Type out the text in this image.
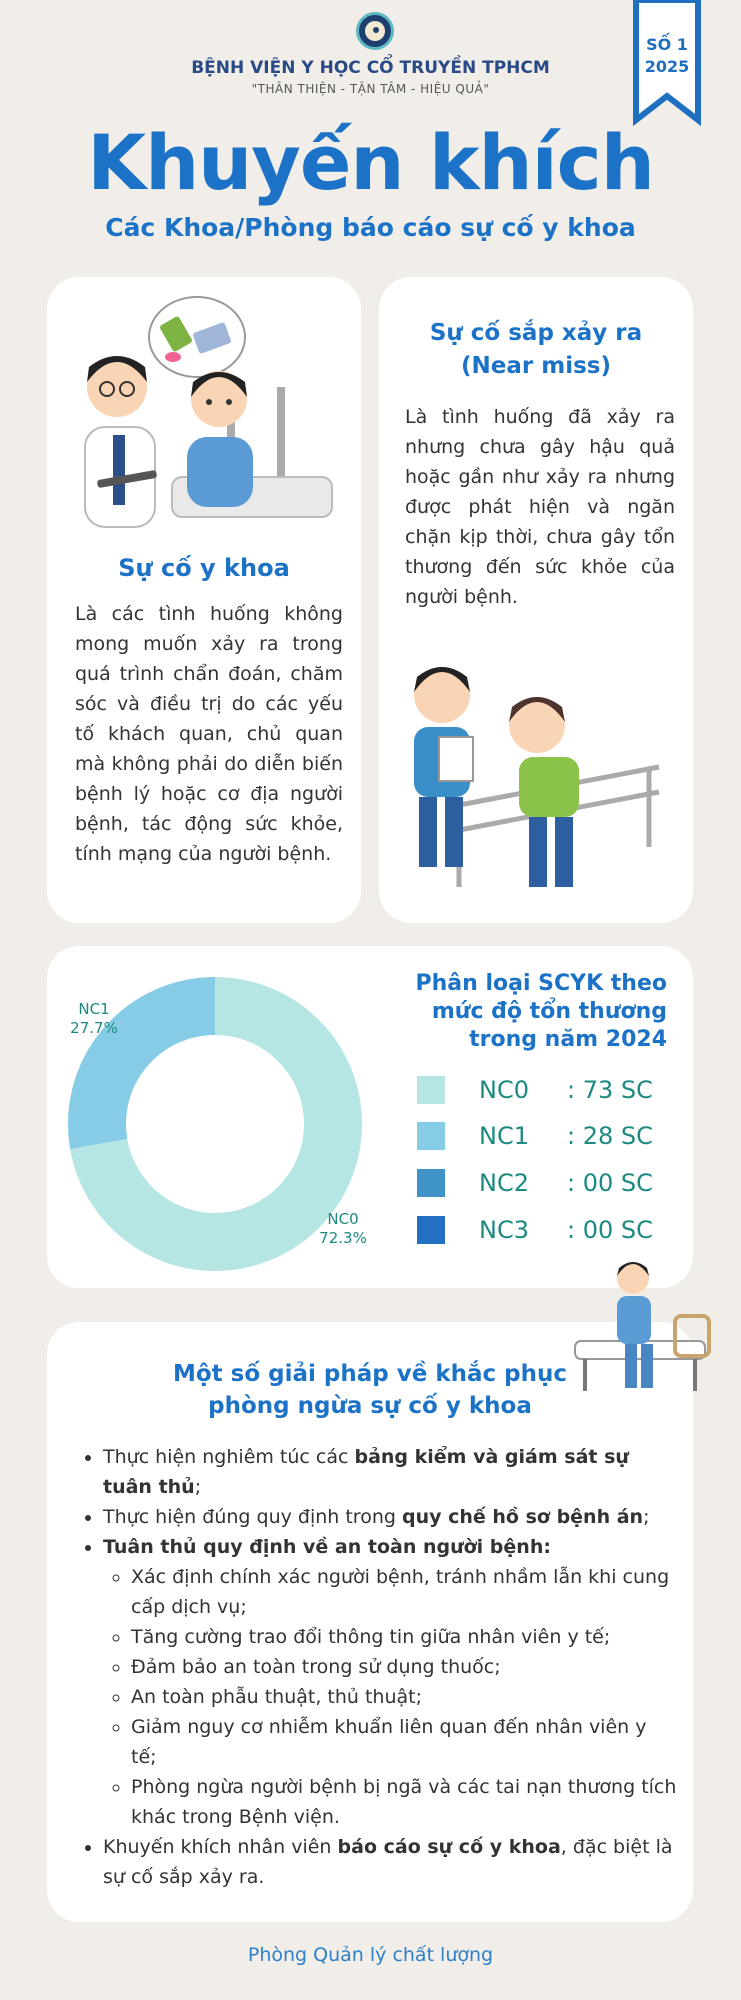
BỆNH VIỆN Y HỌC CỔ TRUYỀN TPHCM
"THÂN THIỆN - TẬN TÂM - HIỆU QUẢ"
SỐ 1
2025
Khuyến khích
Các Khoa/Phòng báo cáo sự cố y khoa
Sự cố y khoa
Là các tình huống không mong muốn xảy ra trong quá trình chẩn đoán, chăm sóc và điều trị do các yếu tố khách quan, chủ quan mà không phải do diễn biến bệnh lý hoặc cơ địa người bệnh, tác động sức khỏe, tính mạng của người bệnh.
Sự cố sắp xảy ra
(Near miss)
Là tình huống đã xảy ra nhưng chưa gây hậu quả hoặc gần như xảy ra nhưng được phát hiện và ngăn chặn kịp thời, chưa gây tổn thương đến sức khỏe của người bệnh.
NC0
72.3%
NC1
27.7%
Phân loại SCYK theo
mức độ tổn thương
trong năm 2024
NC0 : 73 SC
NC1 : 28 SC
NC2 : 00 SC
NC3 : 00 SC
Một số giải pháp về khắc phục
phòng ngừa sự cố y khoa
• Thực hiện nghiêm túc các bảng kiểm và giám sát sự tuân thủ;
• Thực hiện đúng quy định trong quy chế hồ sơ bệnh án;
• Tuân thủ quy định về an toàn người bệnh:
◦ Xác định chính xác người bệnh, tránh nhầm lẫn khi cung cấp dịch vụ;
◦ Tăng cường trao đổi thông tin giữa nhân viên y tế;
◦ Đảm bảo an toàn trong sử dụng thuốc;
◦ An toàn phẫu thuật, thủ thuật;
◦ Giảm nguy cơ nhiễm khuẩn liên quan đến nhân viên y tế;
◦ Phòng ngừa người bệnh bị ngã và các tai nạn thương tích khác trong Bệnh viện.
• Khuyến khích nhân viên báo cáo sự cố y khoa, đặc biệt là sự cố sắp xảy ra.
Phòng Quản lý chất lượng
